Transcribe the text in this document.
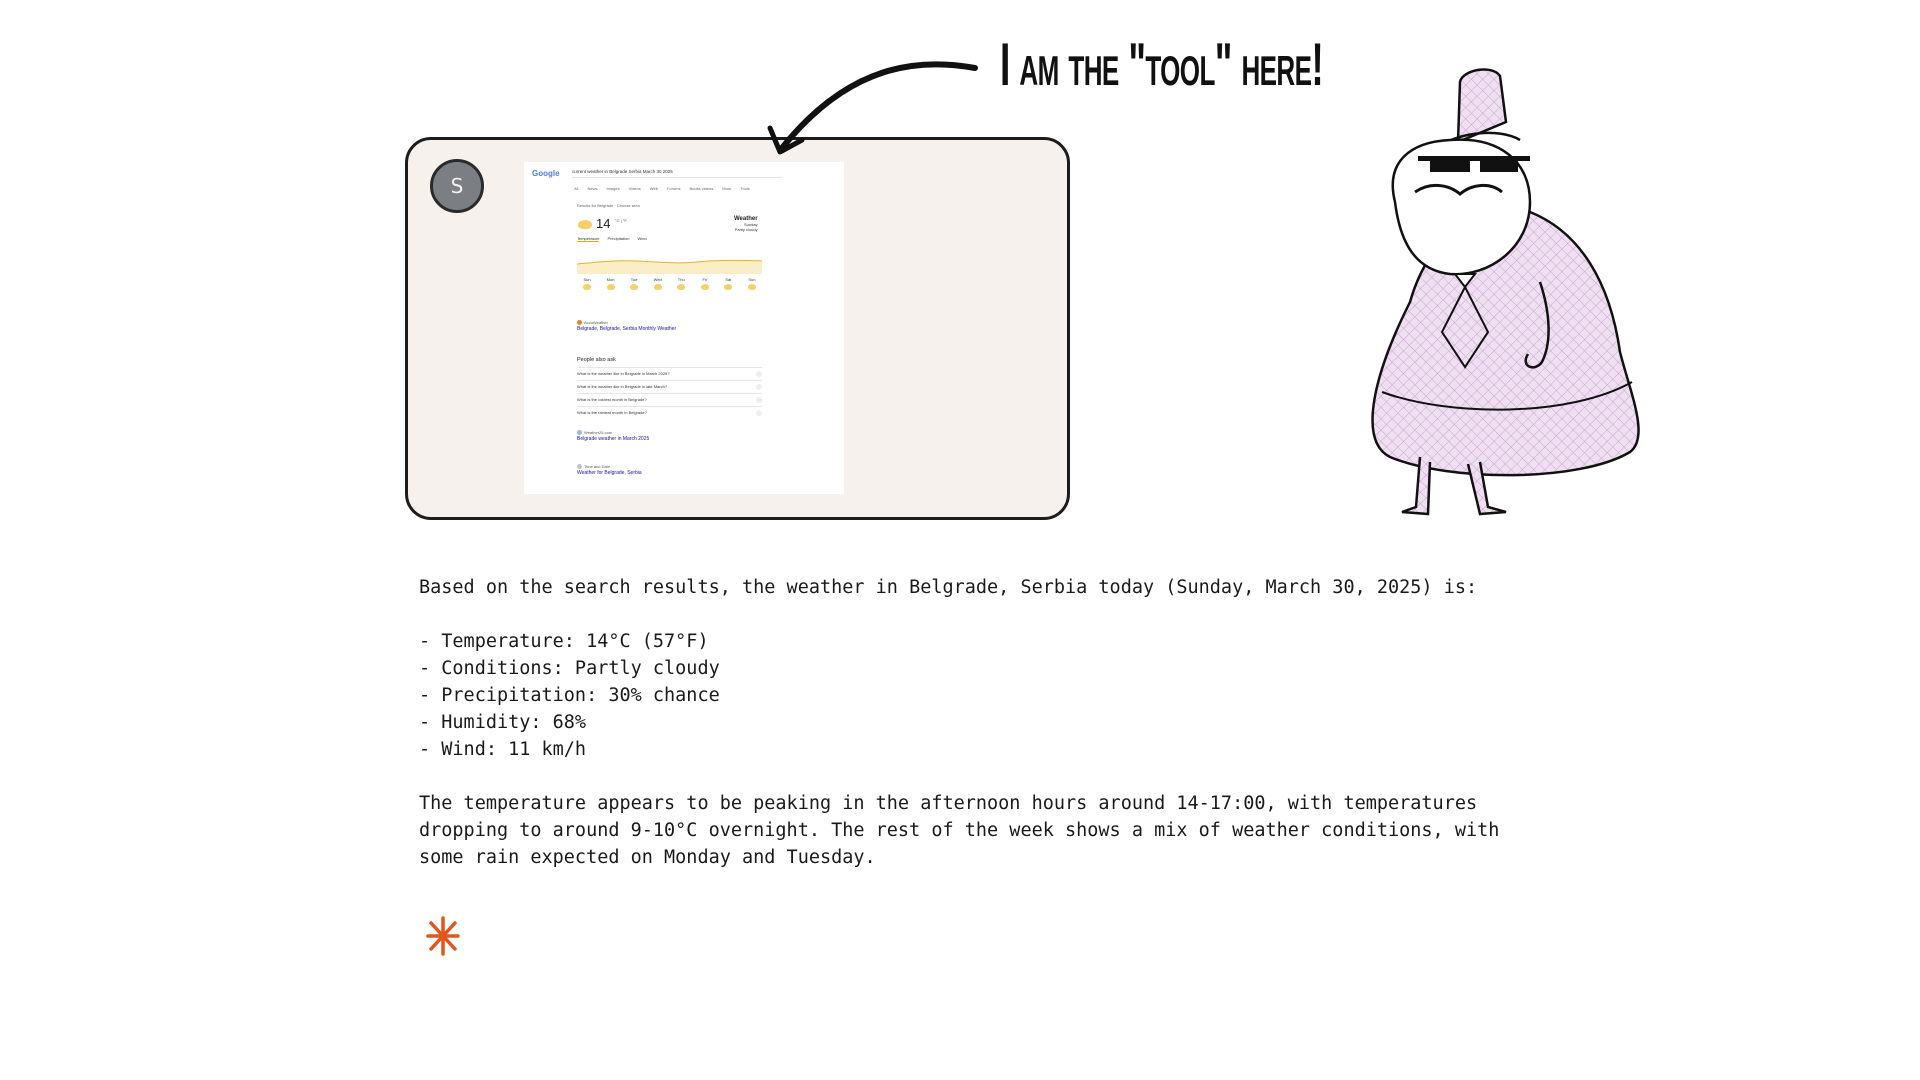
S
Google	current weather in Belgrade Serbia March 30 2025
All News Images Videos Web Forums Books videos More Tools
Results for Belgrade · Choose area
14 °C | °F	Weather
Sunday
Partly cloudy
Temperature Precipitation Wind
Sun	Mon	Tue	Wed	Thu	Fri	Sat	Sun
AccuWeather
Belgrade, Belgrade, Serbia Monthly Weather
People also ask
What is the weather like in Belgrade in March 2025?
What is the weather like in Belgrade in late March?
What is the coldest month in Belgrade?
What is the rainiest month in Belgrade?
Weather25.com
Belgrade weather in March 2025
Time and Date
Weather for Belgrade, Serbia
I am the "tool" here!

Based on the search results, the weather in Belgrade, Serbia today (Sunday, March 30, 2025) is:

- Temperature: 14°C (57°F)

- Conditions: Partly cloudy

- Precipitation: 30% chance

- Humidity: 68%

- Wind: 11 km/h

The temperature appears to be peaking in the afternoon hours around 14-17:00, with temperatures dropping to around 9-10°C overnight. The rest of the week shows a mix of weather conditions, with some rain expected on Monday and Tuesday.
